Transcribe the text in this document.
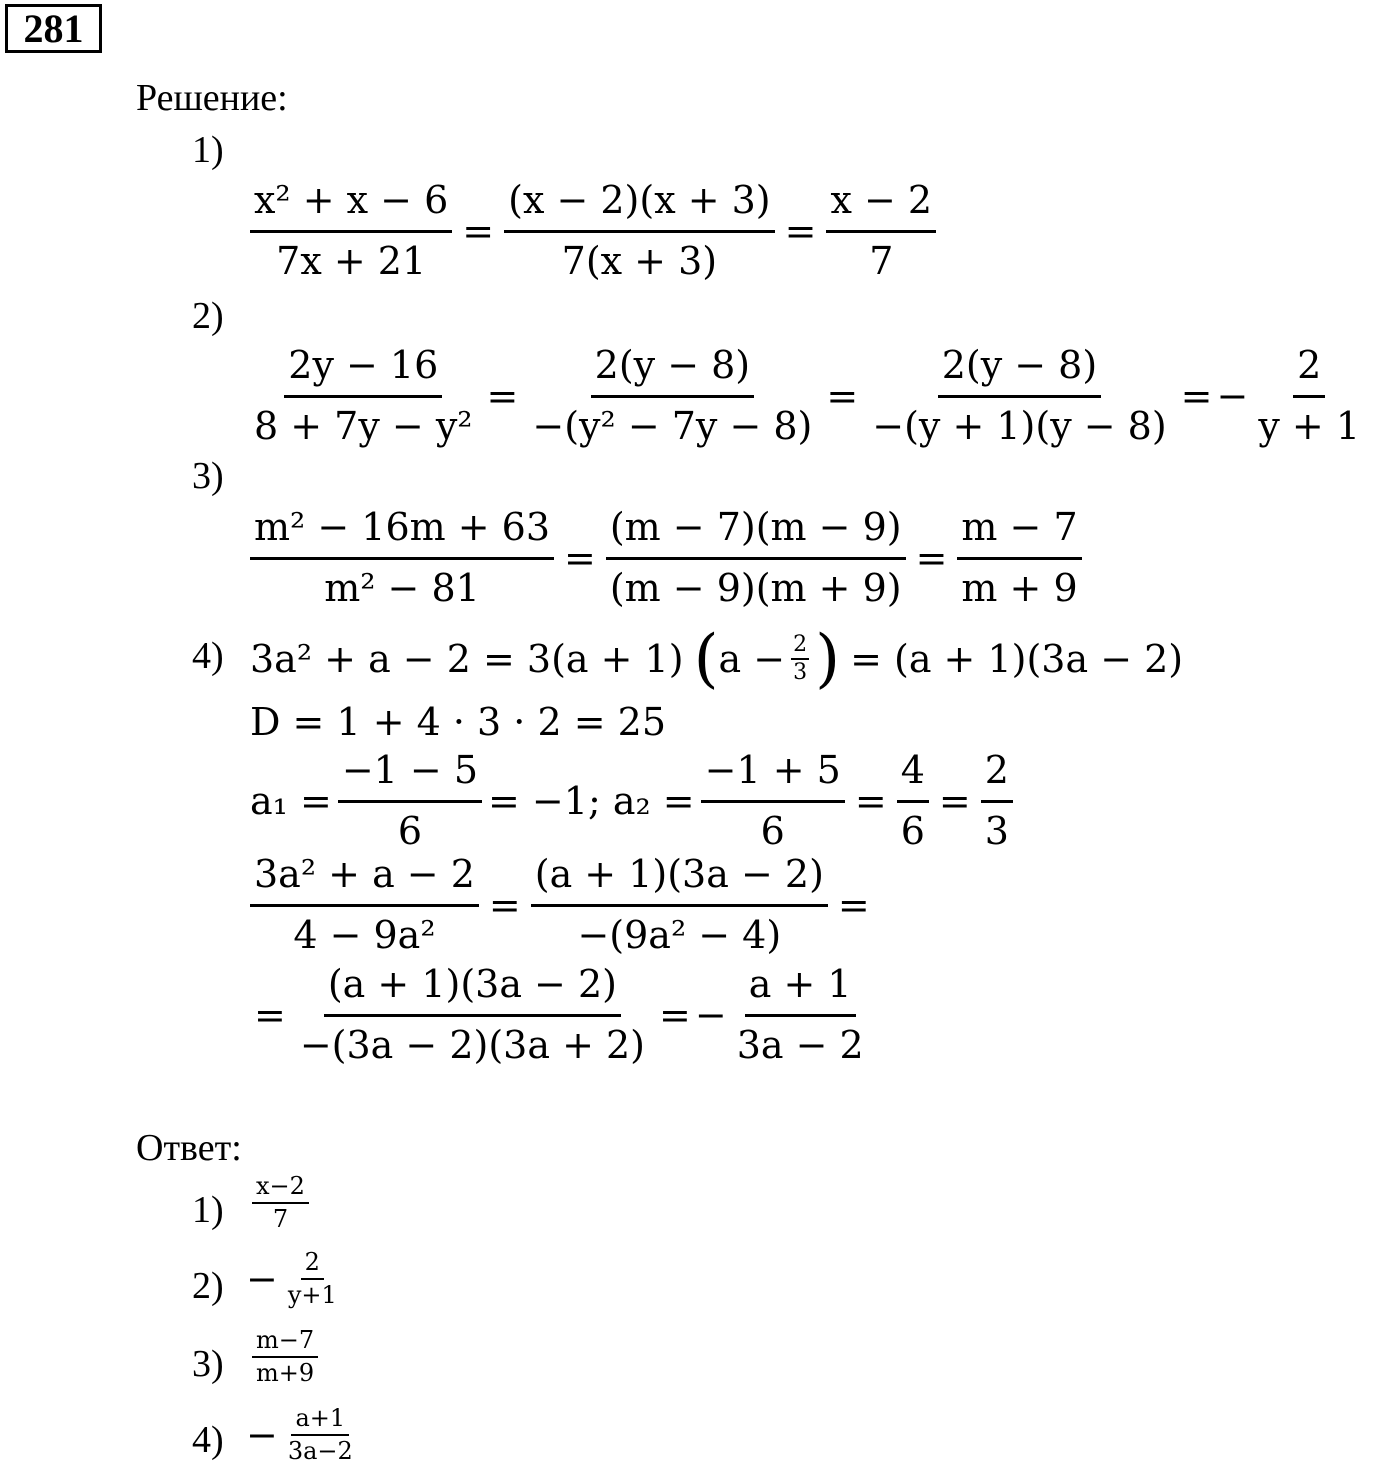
281
Решение:
1)
$\frac{\text{x² + x − 6}}{7x + 21} = \frac{(x - 2)(x + 3)}{7(x + 3)} = \frac{x - 2}{7}$
2)
$\frac{2y - 16}{\text{8 + 7y − y²}} = \frac{2(y - 8)}{\text{−(y² − 7y − 8)}} = \frac{2(y - 8)}{-(y + 1)(y - 8)}$ = − $\frac{2}{y + 1}$
3)
$\frac{\text{m² − 16m + 63}}{\text{m² − 81}} = \frac{(m - 7)(m - 9)}{(m - 9)(m + 9)} = \frac{m - 7}{m + 9}$
4) 3a² + a − 2 = 3(a + 1) ( $a - \frac{2}{3}$ ) = (a + 1)(3a − 2)
D = 1 + 4 · 3 · 2 = 25
$a_1 = \frac{-1 - 5}{6} = -1$; $a_2 = \frac{-1 + 5}{6} = \frac{4}{6} = \frac{2}{3}$
$\frac{\text{3a² + a − 2}}{\text{4 − 9a²}} = \frac{(a + 1)(3a - 2)}{\text{−(9a² − 4)}}$ =
= $\frac{(a + 1)(3a - 2)}{-(3a - 2)(3a + 2)}$ = − $\frac{a + 1}{3a - 2}$
Ответ:
$1) \frac{x-2}{7}$
$2) - \frac{2}{y+1}$
$3) \frac{m-7}{m+9}$
$4) - \frac{a+1}{3a-2}$
